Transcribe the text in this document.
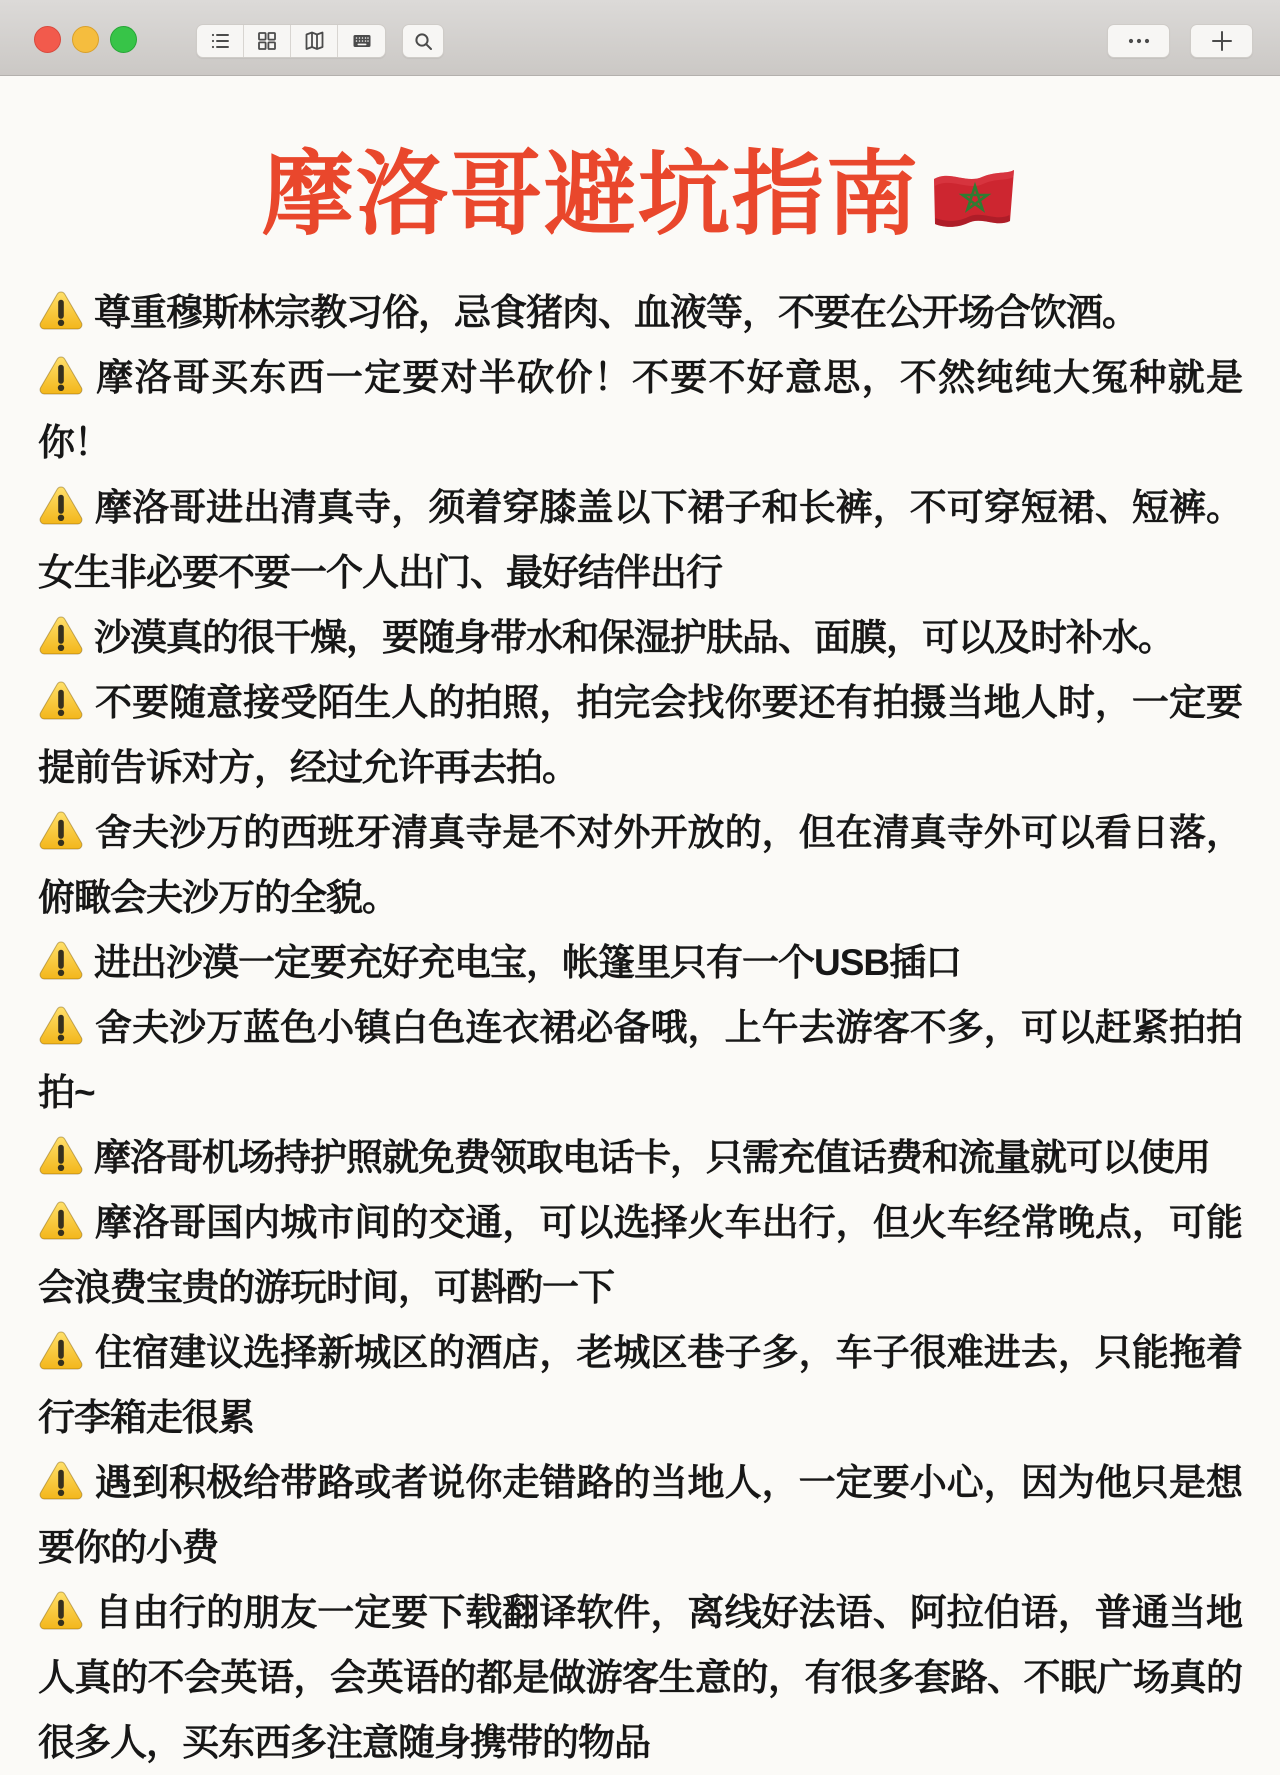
摩洛哥避坑指南

尊重穆斯林宗教习俗，忌食猪肉、血液等，不要在公开场合饮酒。

摩洛哥买东西一定要对半砍价！不要不好意思，不然纯纯大冤种就是你！

摩洛哥进出清真寺，须着穿膝盖以下裙子和长裤，不可穿短裙、短裤。女生非必要不要一个人出门、最好结伴出行

沙漠真的很干燥，要随身带水和保湿护肤品、面膜，可以及时补水。

不要随意接受陌生人的拍照，拍完会找你要还有拍摄当地人时，一定要提前告诉对方，经过允许再去拍。

舍夫沙万的西班牙清真寺是不对外开放的，但在清真寺外可以看日落，俯瞰会夫沙万的全貌。

进出沙漠一定要充好充电宝，帐篷里只有一个USB插口

舍夫沙万蓝色小镇白色连衣裙必备哦，上午去游客不多，可以赶紧拍拍拍~

摩洛哥机场持护照就免费领取电话卡，只需充值话费和流量就可以使用

摩洛哥国内城市间的交通，可以选择火车出行，但火车经常晚点，可能会浪费宝贵的游玩时间，可斟酌一下

住宿建议选择新城区的酒店，老城区巷子多，车子很难进去，只能拖着行李箱走很累

遇到积极给带路或者说你走错路的当地人，一定要小心，因为他只是想要你的小费

自由行的朋友一定要下载翻译软件，离线好法语、阿拉伯语，普通当地人真的不会英语，会英语的都是做游客生意的，有很多套路、不眠广场真的很多人，买东西多注意随身携带的物品
